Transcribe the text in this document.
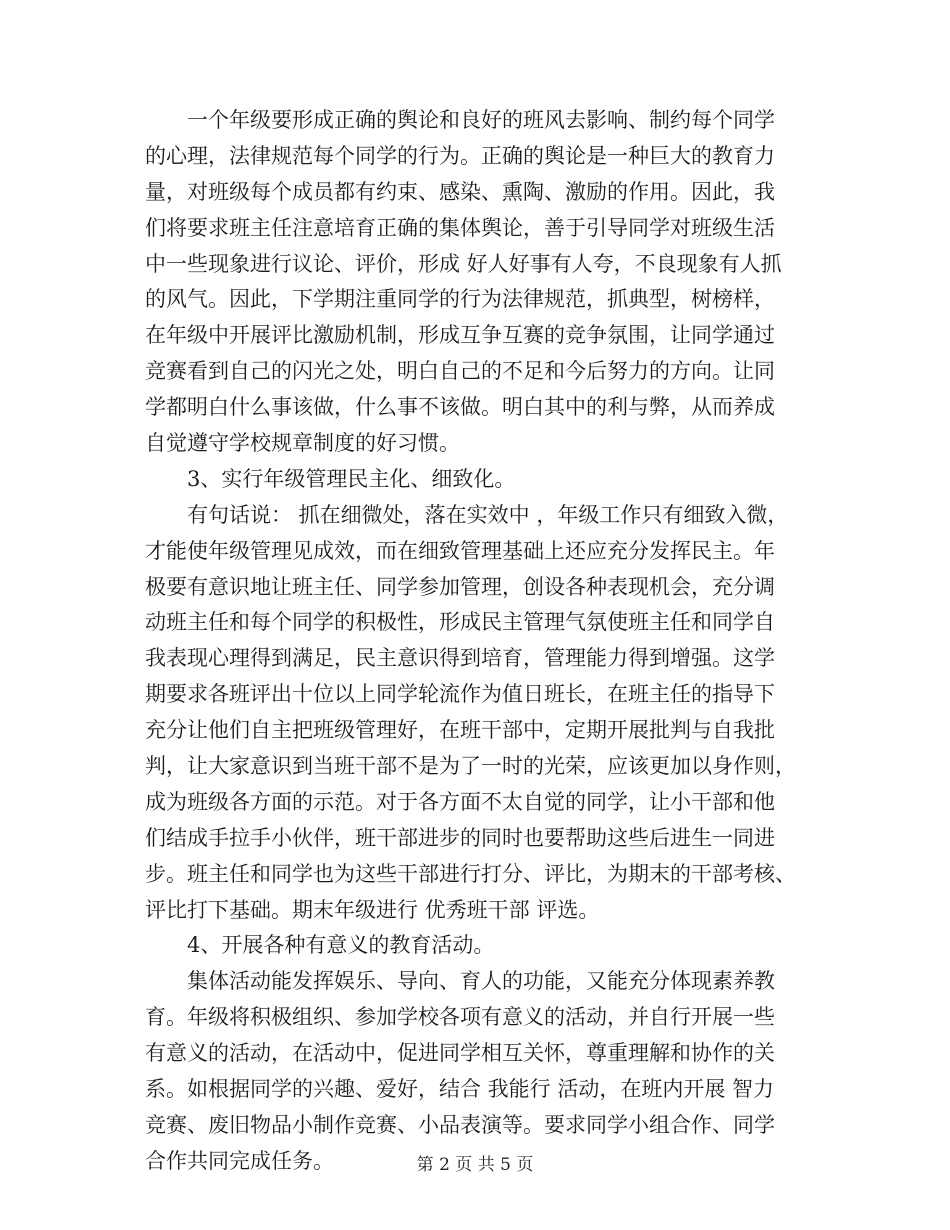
一个年级要形成正确的舆论和良好的班风去影响、制约每个同学
的心理，法律规范每个同学的行为。正确的舆论是一种巨大的教育力
量，对班级每个成员都有约束、感染、熏陶、激励的作用。因此，我
们将要求班主任注意培育正确的集体舆论，善于引导同学对班级生活
中一些现象进行议论、评价，形成 好人好事有人夸，不良现象有人抓
的风气。因此，下学期注重同学的行为法律规范，抓典型，树榜样，
在年级中开展评比激励机制，形成互争互赛的竞争氛围，让同学通过
竞赛看到自己的闪光之处，明白自己的不足和今后努力的方向。让同
学都明白什么事该做，什么事不该做。明白其中的利与弊，从而养成
自觉遵守学校规章制度的好习惯。
3、实行年级管理民主化、细致化。
有句话说： 抓在细微处，落在实效中 ，年级工作只有细致入微，
才能使年级管理见成效，而在细致管理基础上还应充分发挥民主。年
极要有意识地让班主任、同学参加管理，创设各种表现机会，充分调
动班主任和每个同学的积极性，形成民主管理气氛使班主任和同学自
我表现心理得到满足，民主意识得到培育，管理能力得到增强。这学
期要求各班评出十位以上同学轮流作为值日班长，在班主任的指导下
充分让他们自主把班级管理好，在班干部中，定期开展批判与自我批
判，让大家意识到当班干部不是为了一时的光荣，应该更加以身作则，
成为班级各方面的示范。对于各方面不太自觉的同学，让小干部和他
们结成手拉手小伙伴，班干部进步的同时也要帮助这些后进生一同进
步。班主任和同学也为这些干部进行打分、评比，为期末的干部考核、
评比打下基础。期末年级进行 优秀班干部 评选。
4、开展各种有意义的教育活动。
集体活动能发挥娱乐、导向、育人的功能，又能充分体现素养教
育。年级将积极组织、参加学校各项有意义的活动，并自行开展一些
有意义的活动，在活动中，促进同学相互关怀，尊重理解和协作的关
系。如根据同学的兴趣、爱好，结合 我能行 活动，在班内开展 智力
竞赛、废旧物品小制作竞赛、小品表演等。要求同学小组合作、同学
合作共同完成任务。	第 2 页 共 5 页
